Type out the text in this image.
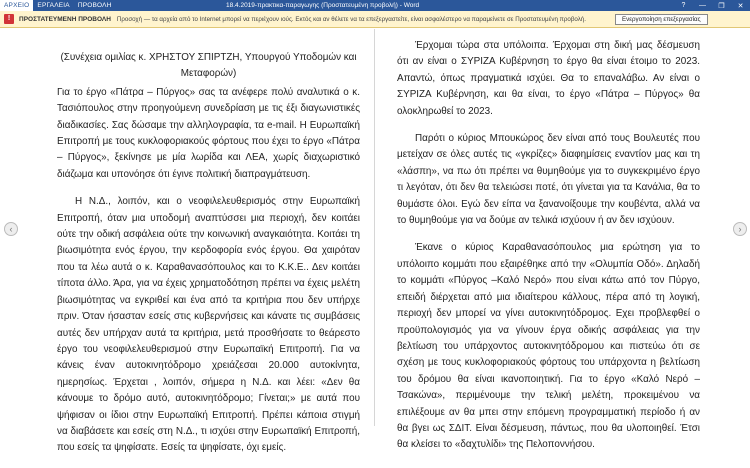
ΑΡΧΕΙΟ	ΕΡΓΑΛΕΙΑ	ΠΡΟΒΟΛΗ	18.4.2019-πρακτικα-παραγωγης (Προστατευμένη προβολή) - Word	?	—	❐	✕
!	ΠΡΟΣΤΑΤΕΥΜΕΝΗ ΠΡΟΒΟΛΗ Προσοχή — τα αρχεία από το Internet μπορεί να περιέχουν ιούς. Εκτός και αν θέλετε να τα επεξεργαστείτε, είναι ασφαλέστερο να παραμείνετε σε Προστατευμένη προβολή.	Ενεργοποίηση επεξεργασίας
‹	›

(Συνέχεια ομιλίας κ. ΧΡΗΣΤΟΥ ΣΠΙΡΤΖΗ, Υπουργού Υποδομών και Μεταφορών)

Για το έργο «Πάτρα – Πύργος» σας τα ανέφερε πολύ αναλυτικά ο κ. Τασιόπουλος στην προηγούμενη συνεδρίαση με τις έξι διαγωνιστικές διαδικασίες. Σας δώσαμε την αλληλογραφία, τα e-mail. Η Ευρωπαϊκή Επιτροπή με τους κυκλοφοριακούς φόρτους που έχει το έργο «Πάτρα – Πύργος», ξεκίνησε με μία λωρίδα και ΛΕΑ, χωρίς διαχωριστικό διάζωμα και υπονόησε ότι έγινε πολιτική διαπραγμάτευση.

Η Ν.Δ., λοιπόν, και ο νεοφιλελευθερισμός στην Ευρωπαϊκή Επιτροπή, όταν μια υποδομή αναπτύσσει μια περιοχή, δεν κοιτάει ούτε την οδική ασφάλεια ούτε την κοινωνική αναγκαιότητα. Κοιτάει τη βιωσιμότητα ενός έργου, την κερδοφορία ενός έργου. Θα χαιρόταν που τα λέω αυτά ο κ. Καραθανασόπουλος και το Κ.Κ.Ε.. Δεν κοιτάει τίποτα άλλο. Άρα, για να έχεις χρηματοδότηση πρέπει να έχεις μελέτη βιωσιμότητας να εγκριθεί και ένα από τα κριτήρια που δεν υπήρχε πριν. Όταν ήσασταν εσείς στις κυβερνήσεις και κάνατε τις συμβάσεις αυτές δεν υπήρχαν αυτά τα κριτήρια, μετά προσθήσατε το θεάρεστο έργο του νεοφιλελευθερισμού στην Ευρωπαϊκή Επιτροπή. Για να κάνεις έναν αυτοκινητόδρομο χρειάζεσαι 20.000 αυτοκίνητα, ημερησίως. Έρχεται , λοιπόν, σήμερα η Ν.Δ. και λέει: «Δεν θα κάνουμε το δρόμο αυτό, αυτοκινητόδρομο; Γίνεται;» με αυτά που ψήφισαν οι ίδιοι στην Ευρωπαϊκή Επιτροπή. Πρέπει κάποια στιγμή να διαβάσετε και εσείς στη Ν.Δ., τι ισχύει στην Ευρωπαϊκή Επιτροπή, που εσείς τα ψηφίσατε. Εσείς τα ψηφίσατε, όχι εμείς.

Έρχομαι τώρα στα υπόλοιπα. Έρχομαι στη δική μας δέσμευση ότι αν είναι ο ΣΥΡΙΖΑ Κυβέρνηση το έργο θα είναι έτοιμο το 2023. Απαντώ, όπως πραγματικά ισχύει. Θα το επαναλάβω. Αν είναι ο ΣΥΡΙΖΑ Κυβέρνηση, και θα είναι, το έργο «Πάτρα – Πύργος» θα ολοκληρωθεί το 2023.

Παρότι ο κύριος Μπουκώρος δεν είναι από τους Βουλευτές που μετείχαν σε όλες αυτές τις «γκρίζες» διαφημίσεις εναντίον μας και τη «λάσπη», να πω ότι πρέπει να θυμηθούμε για το συγκεκριμένο έργο τι λεγόταν, ότι δεν θα τελειώσει ποτέ, ότι γίνεται για τα Κανάλια, θα το θυμάστε όλοι. Εγώ δεν είπα να ξανανοίξουμε την κουβέντα, αλλά να το θυμηθούμε για να δούμε αν τελικά ισχύουν ή αν δεν ισχύουν.

Έκανε ο κύριος Καραθανασόπουλος μια ερώτηση για το υπόλοιπο κομμάτι που εξαιρέθηκε από την «Ολυμπία Οδό». Δηλαδή το κομμάτι «Πύργος –Καλό Νερό» που είναι κάτω από τον Πύργο, επειδή διέρχεται από μια ιδιαίτερου κάλλους, πέρα από τη λογική, περιοχή δεν μπορεί να γίνει αυτοκινητόδρομος. Εχει προβλεφθεί ο προϋπολογισμός για να γίνουν έργα οδικής ασφάλειας για την βελτίωση του υπάρχοντος αυτοκινητόδρομου και πιστεύω ότι σε σχέση με τους κυκλοφοριακούς φόρτους του υπάρχοντα η βελτίωση του δρόμου θα είναι ικανοποιητική. Για το έργο «Καλό Νερό – Τσακώνα», περιμένουμε την τελική μελέτη, προκειμένου να επιλέξουμε αν θα μπει στην επόμενη προγραμματική περίοδο ή αν θα βγει ως ΣΔΙΤ. Είναι δέσμευση, πάντως, που θα υλοποιηθεί. Έτσι θα κλείσει το «δαχτυλίδι» της Πελοποννήσου.
